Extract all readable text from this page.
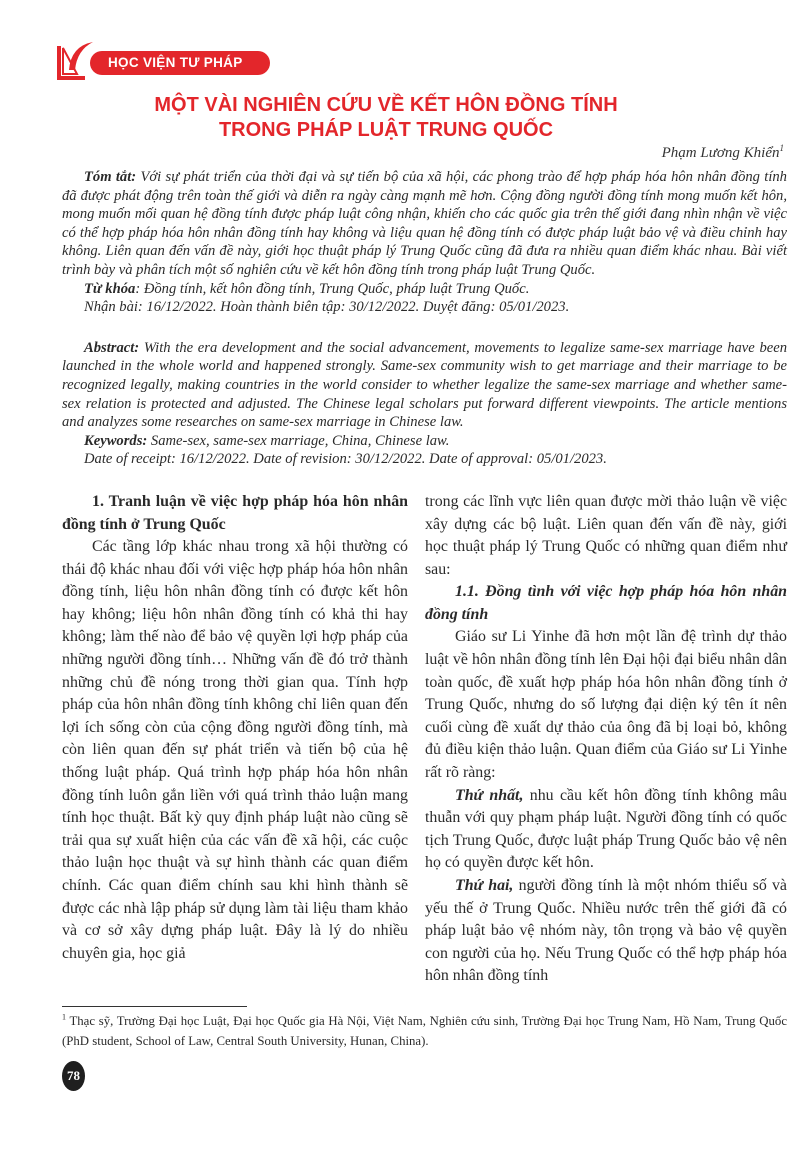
HỌC VIỆN TƯ PHÁP
MỘT VÀI NGHIÊN CỨU VỀ KẾT HÔN ĐỒNG TÍNH
TRONG PHÁP LUẬT TRUNG QUỐC
Phạm Lương Khiển$^1$

Tóm tắt: Với sự phát triển của thời đại và sự tiến bộ của xã hội, các phong trào để hợp pháp hóa hôn nhân đồng tính đã được phát động trên toàn thế giới và diễn ra ngày càng mạnh mẽ hơn. Cộng đồng người đồng tính mong muốn kết hôn, mong muốn mối quan hệ đồng tính được pháp luật công nhận, khiến cho các quốc gia trên thế giới đang nhìn nhận về việc có thể hợp pháp hóa hôn nhân đồng tính hay không và liệu quan hệ đồng tính có được pháp luật bảo vệ và điều chỉnh hay không. Liên quan đến vấn đề này, giới học thuật pháp lý Trung Quốc cũng đã đưa ra nhiều quan điểm khác nhau. Bài viết trình bày và phân tích một số nghiên cứu về kết hôn đồng tính trong pháp luật Trung Quốc.

Từ khóa: Đồng tính, kết hôn đồng tính, Trung Quốc, pháp luật Trung Quốc.

Nhận bài: 16/12/2022. Hoàn thành biên tập: 30/12/2022. Duyệt đăng: 05/01/2023.

Abstract: With the era development and the social advancement, movements to legalize same-sex marriage have been launched in the whole world and happened strongly. Same-sex community wish to get marriage and their marriage to be recognized legally, making countries in the world consider to whether legalize the same-sex marriage and whether same-sex relation is protected and adjusted. The Chinese legal scholars put forward different viewpoints. The article mentions and analyzes some researches on same-sex marriage in Chinese law.

Keywords: Same-sex, same-sex marriage, China, Chinese law.

Date of receipt: 16/12/2022. Date of revision: 30/12/2022. Date of approval: 05/01/2023.

1. Tranh luận về việc hợp pháp hóa hôn nhân đồng tính ở Trung Quốc

Các tầng lớp khác nhau trong xã hội thường có thái độ khác nhau đối với việc hợp pháp hóa hôn nhân đồng tính, liệu hôn nhân đồng tính có được kết hôn hay không; liệu hôn nhân đồng tính có khả thi hay không; làm thế nào để bảo vệ quyền lợi hợp pháp của những người đồng tính… Những vấn đề đó trở thành những chủ đề nóng trong thời gian qua. Tính hợp pháp của hôn nhân đồng tính không chỉ liên quan đến lợi ích sống còn của cộng đồng người đồng tính, mà còn liên quan đến sự phát triển và tiến bộ của hệ thống luật pháp. Quá trình hợp pháp hóa hôn nhân đồng tính luôn gắn liền với quá trình thảo luận mang tính học thuật. Bất kỳ quy định pháp luật nào cũng sẽ trải qua sự xuất hiện của các vấn đề xã hội, các cuộc thảo luận học thuật và sự hình thành các quan điểm chính. Các quan điểm chính sau khi hình thành sẽ được các nhà lập pháp sử dụng làm tài liệu tham khảo và cơ sở xây dựng pháp luật. Đây là lý do nhiều chuyên gia, học giả

trong các lĩnh vực liên quan được mời thảo luận về việc xây dựng các bộ luật. Liên quan đến vấn đề này, giới học thuật pháp lý Trung Quốc có những quan điểm như sau:

1.1. Đồng tình với việc hợp pháp hóa hôn nhân đồng tính

Giáo sư Li Yinhe đã hơn một lần đệ trình dự thảo luật về hôn nhân đồng tính lên Đại hội đại biểu nhân dân toàn quốc, đề xuất hợp pháp hóa hôn nhân đồng tính ở Trung Quốc, nhưng do số lượng đại diện ký tên ít nên cuối cùng đề xuất dự thảo của ông đã bị loại bỏ, không đủ điều kiện thảo luận. Quan điểm của Giáo sư Li Yinhe rất rõ ràng:

Thứ nhất, nhu cầu kết hôn đồng tính không mâu thuẫn với quy phạm pháp luật. Người đồng tính có quốc tịch Trung Quốc, được luật pháp Trung Quốc bảo vệ nên họ có quyền được kết hôn.

Thứ hai, người đồng tính là một nhóm thiểu số và yếu thế ở Trung Quốc. Nhiều nước trên thế giới đã có pháp luật bảo vệ nhóm này, tôn trọng và bảo vệ quyền con người của họ. Nếu Trung Quốc có thể hợp pháp hóa hôn nhân đồng tính

$^1$ Thạc sỹ, Trường Đại học Luật, Đại học Quốc gia Hà Nội, Việt Nam, Nghiên cứu sinh, Trường Đại học Trung Nam, Hồ Nam, Trung Quốc (PhD student, School of Law, Central South University, Hunan, China).
78
